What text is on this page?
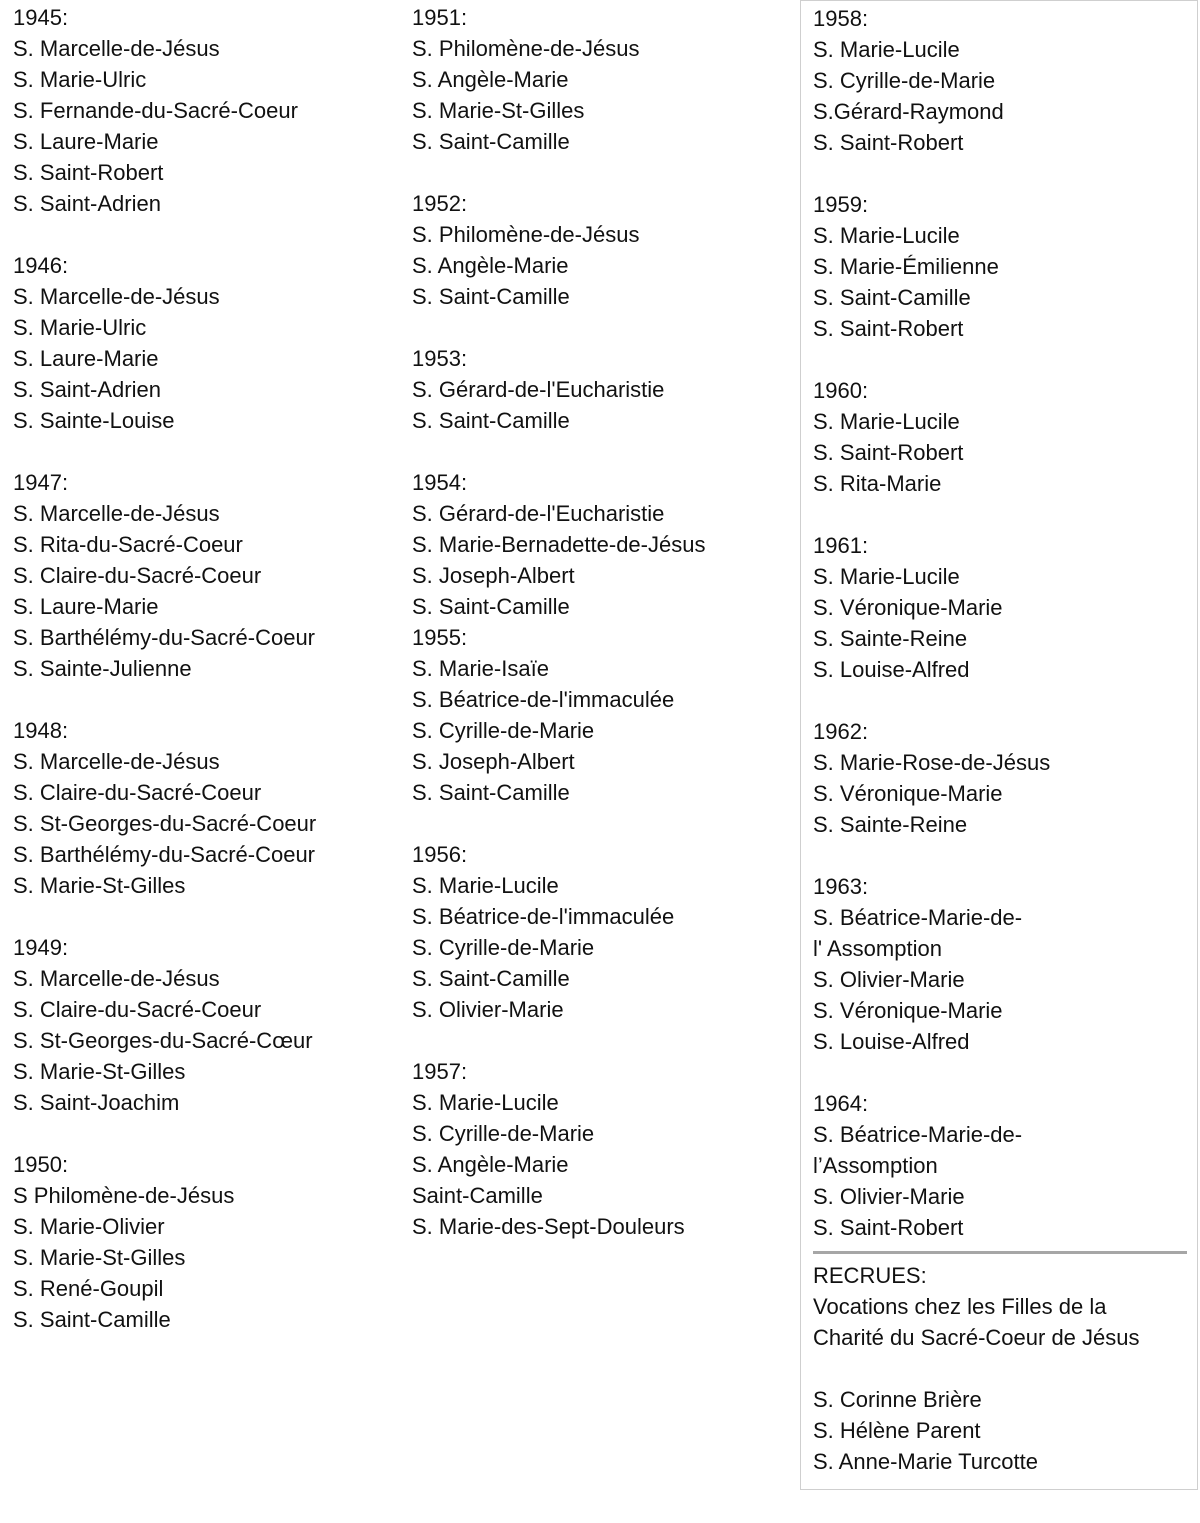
1945:
S. Marcelle-de-Jésus
S. Marie-Ulric
S. Fernande-du-Sacré-Coeur
S. Laure-Marie
S. Saint-Robert
S. Saint-Adrien
1946:
S. Marcelle-de-Jésus
S. Marie-Ulric
S. Laure-Marie
S. Saint-Adrien
S. Sainte-Louise
1947:
S. Marcelle-de-Jésus
S. Rita-du-Sacré-Coeur
S. Claire-du-Sacré-Coeur
S. Laure-Marie
S. Barthélémy-du-Sacré-Coeur
S. Sainte-Julienne
1948:
S. Marcelle-de-Jésus
S. Claire-du-Sacré-Coeur
S. St-Georges-du-Sacré-Coeur
S. Barthélémy-du-Sacré-Coeur
S. Marie-St-Gilles
1949:
S. Marcelle-de-Jésus
S. Claire-du-Sacré-Coeur
S. St-Georges-du-Sacré-Cœur
S. Marie-St-Gilles
S. Saint-Joachim
1950:
S Philomène-de-Jésus
S. Marie-Olivier
S. Marie-St-Gilles
S. René-Goupil
S. Saint-Camille
1951:
S. Philomène-de-Jésus
S. Angèle-Marie
S. Marie-St-Gilles
S. Saint-Camille
1952:
S. Philomène-de-Jésus
S. Angèle-Marie
S. Saint-Camille
1953:
S. Gérard-de-l'Eucharistie
S. Saint-Camille
1954:
S. Gérard-de-l'Eucharistie
S. Marie-Bernadette-de-Jésus
S. Joseph-Albert
S. Saint-Camille
1955:
S. Marie-Isaïe
S. Béatrice-de-l'immaculée
S. Cyrille-de-Marie
S. Joseph-Albert
S. Saint-Camille
1956:
S. Marie-Lucile
S. Béatrice-de-l'immaculée
S. Cyrille-de-Marie
S. Saint-Camille
S. Olivier-Marie
1957:
S. Marie-Lucile
S. Cyrille-de-Marie
S. Angèle-Marie
Saint-Camille
S. Marie-des-Sept-Douleurs
1958:
S. Marie-Lucile
S. Cyrille-de-Marie
S.Gérard-Raymond
S. Saint-Robert
1959:
S. Marie-Lucile
S. Marie-Émilienne
S. Saint-Camille
S. Saint-Robert
1960:
S. Marie-Lucile
S. Saint-Robert
S. Rita-Marie
1961:
S. Marie-Lucile
S. Véronique-Marie
S. Sainte-Reine
S. Louise-Alfred
1962:
S. Marie-Rose-de-Jésus
S. Véronique-Marie
S. Sainte-Reine
1963:
S. Béatrice-Marie-de-
l' Assomption
S. Olivier-Marie
S. Véronique-Marie
S. Louise-Alfred
1964:
S. Béatrice-Marie-de-
l’Assomption
S. Olivier-Marie
S. Saint-Robert
RECRUES:
Vocations chez les Filles de la
Charité du Sacré-Coeur de Jésus
S. Corinne Brière
S. Hélène Parent
S. Anne-Marie Turcotte
